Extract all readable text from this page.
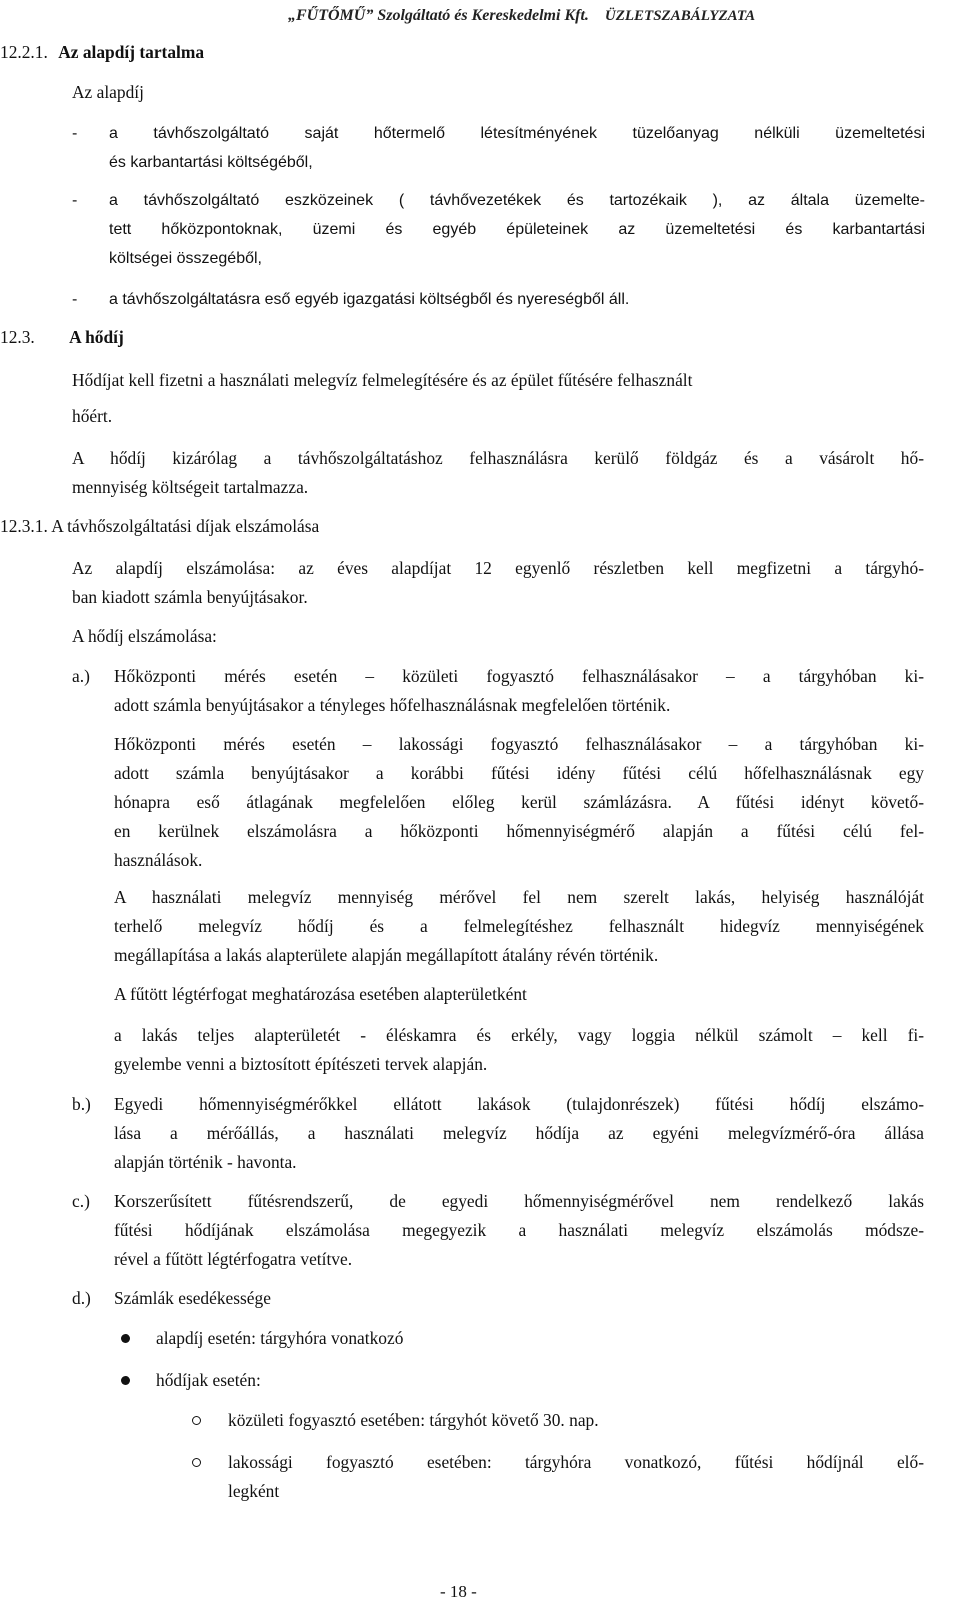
„FŰTŐMŰ” Szolgáltató és Kereskedelmi Kft. ÜZLETSZABÁLYZATA
12.2.1. Az alapdíj tartalma
Az alapdíj
- a távhőszolgáltató saját hőtermelő létesítményének tüzelőanyag nélküli üzemeltetési
és karbantartási költségéből,
- a távhőszolgáltató eszközeinek ( távhővezetékek és tartozékaik ), az általa üzemelte-
tett hőközpontoknak, üzemi és egyéb épületeinek az üzemeltetési és karbantartási
költségei összegéből,
- a távhőszolgáltatásra eső egyéb igazgatási költségből és nyereségből áll.
12.3. A hődíj
Hődíjat kell fizetni a használati melegvíz felmelegítésére és az épület fűtésére felhasznált
hőért.
A hődíj kizárólag a távhőszolgáltatáshoz felhasználásra kerülő földgáz és a vásárolt hő-
mennyiség költségeit tartalmazza.
12.3.1. A távhőszolgáltatási díjak elszámolása
Az alapdíj elszámolása: az éves alapdíjat 12 egyenlő részletben kell megfizetni a tárgyhó-
ban kiadott számla benyújtásakor.
A hődíj elszámolása:
a.) Hőközponti mérés esetén – közületi fogyasztó felhasználásakor – a tárgyhóban ki-
adott számla benyújtásakor a tényleges hőfelhasználásnak megfelelően történik.
Hőközponti mérés esetén – lakossági fogyasztó felhasználásakor – a tárgyhóban ki-
adott számla benyújtásakor a korábbi fűtési idény fűtési célú hőfelhasználásnak egy
hónapra eső átlagának megfelelően előleg kerül számlázásra. A fűtési idényt követő-
en kerülnek elszámolásra a hőközponti hőmennyiségmérő alapján a fűtési célú fel-
használások.
A használati melegvíz mennyiség mérővel fel nem szerelt lakás, helyiség használóját
terhelő melegvíz hődíj és a felmelegítéshez felhasznált hidegvíz mennyiségének
megállapítása a lakás alapterülete alapján megállapított átalány révén történik.
A fűtött légtérfogat meghatározása esetében alapterületként
a lakás teljes alapterületét - éléskamra és erkély, vagy loggia nélkül számolt – kell fi-
gyelembe venni a biztosított építészeti tervek alapján.
b.) Egyedi hőmennyiségmérőkkel ellátott lakások (tulajdonrészek) fűtési hődíj elszámo-
lása a mérőállás, a használati melegvíz hődíja az egyéni melegvízmérő-óra állása
alapján történik - havonta.
c.) Korszerűsített fűtésrendszerű, de egyedi hőmennyiségmérővel nem rendelkező lakás
fűtési hődíjának elszámolása megegyezik a használati melegvíz elszámolás módsze-
rével a fűtött légtérfogatra vetítve.
d.) Számlák esedékessége
alapdíj esetén: tárgyhóra vonatkozó
hődíjak esetén:
közületi fogyasztó esetében: tárgyhót követő 30. nap.
lakossági fogyasztó esetében: tárgyhóra vonatkozó, fűtési hődíjnál elő-
legként
- 18 -
